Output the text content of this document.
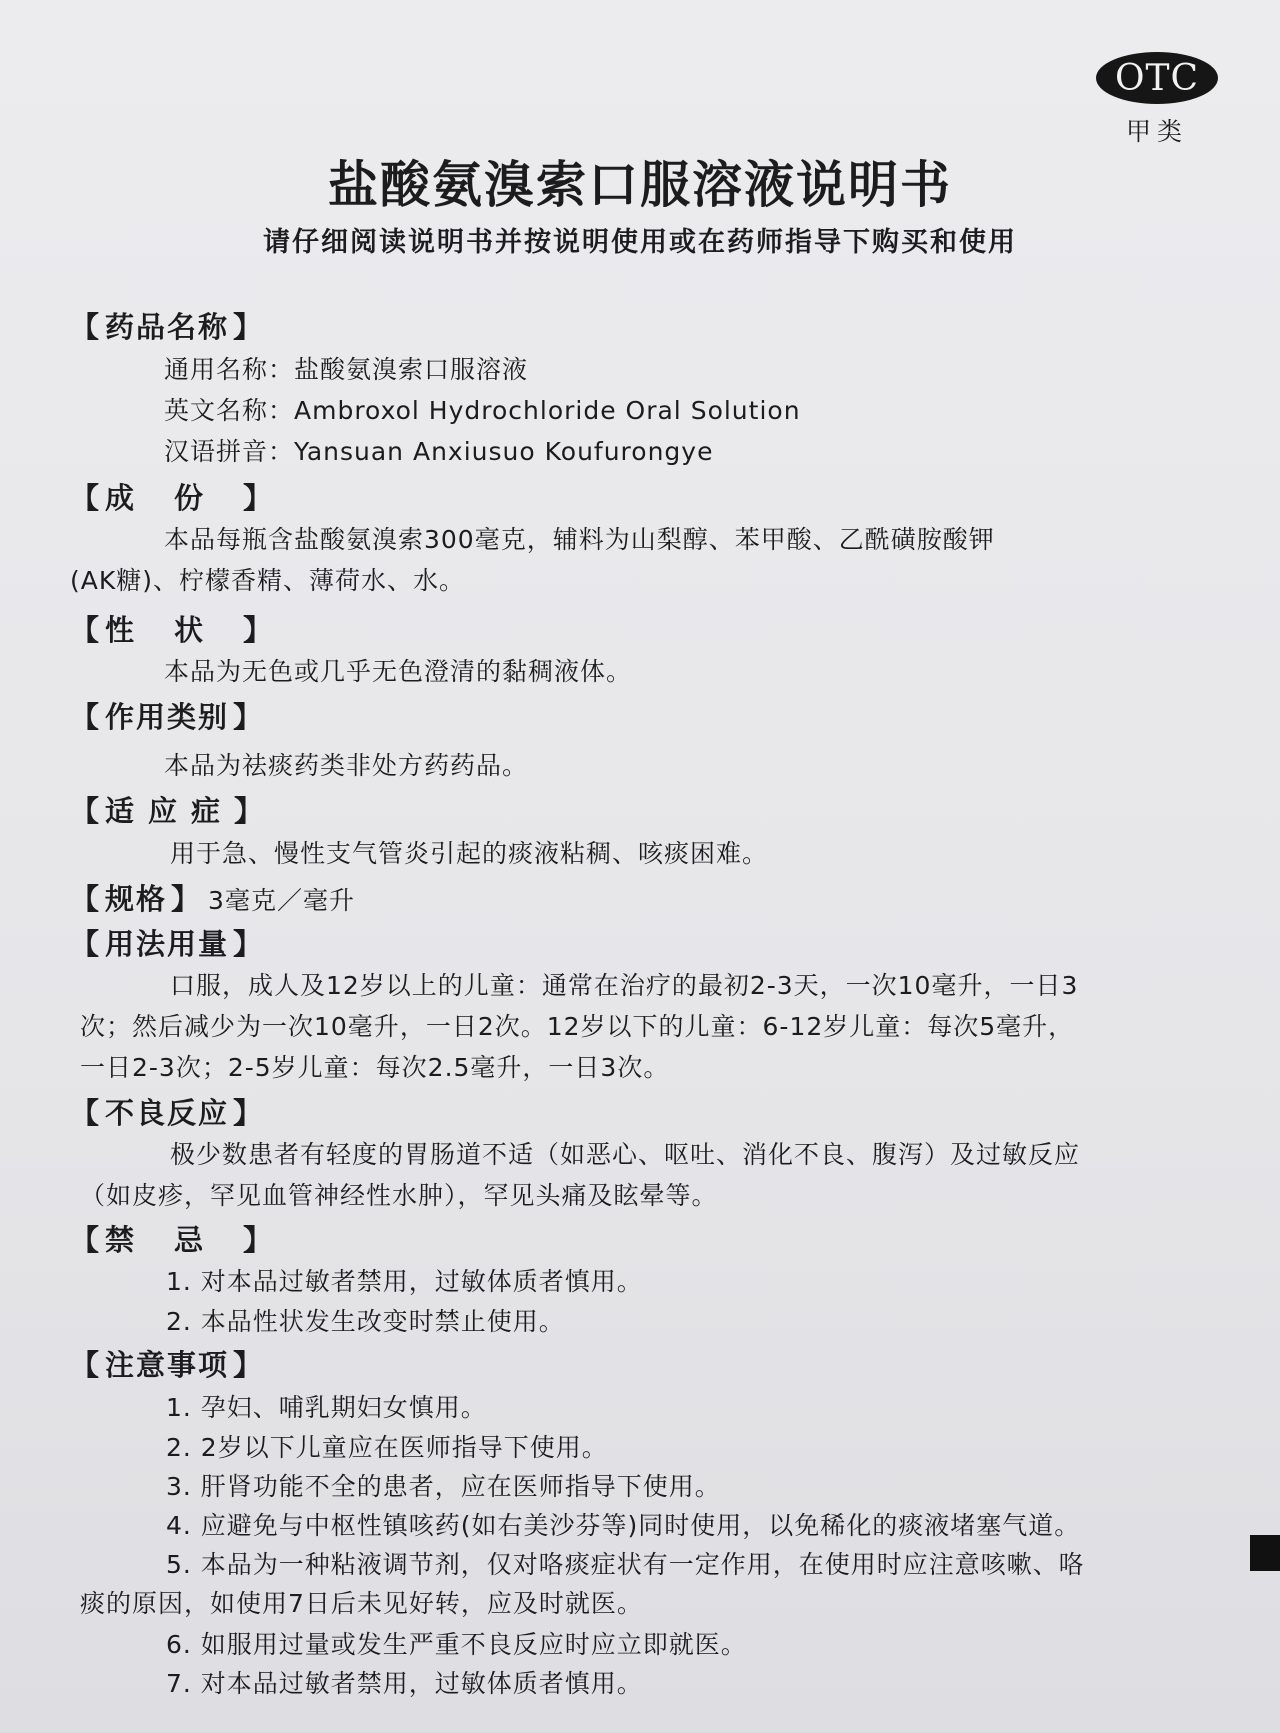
OTC
甲类
盐酸氨溴索口服溶液说明书
请仔细阅读说明书并按说明使用或在药师指导下购买和使用
【 药品名称 】
通用名称：盐酸氨溴索口服溶液
英文名称：Ambroxol Hydrochloride Oral Solution
汉语拼音：Yansuan Anxiusuo Koufurongye
【 成份】
本品每瓶含盐酸氨溴索300毫克，辅料为山梨醇、苯甲酸、乙酰磺胺酸钾
(AK糖)、柠檬香精、薄荷水、水。
【 性状】
本品为无色或几乎无色澄清的黏稠液体。
【 作用类别 】
本品为祛痰药类非处方药药品。
【 适应症】
用于急、慢性支气管炎引起的痰液粘稠、咳痰困难。
【 规格 】 3毫克／毫升
【 用法用量 】
口服，成人及12岁以上的儿童：通常在治疗的最初2-3天，一次10毫升，一日3
次；然后减少为一次10毫升，一日2次。12岁以下的儿童：6-12岁儿童：每次5毫升，
一日2-3次；2-5岁儿童：每次2.5毫升，一日3次。
【 不良反应 】
极少数患者有轻度的胃肠道不适（如恶心、呕吐、消化不良、腹泻）及过敏反应
（如皮疹，罕见血管神经性水肿），罕见头痛及眩晕等。
【 禁忌】
1. 对本品过敏者禁用，过敏体质者慎用。
2. 本品性状发生改变时禁止使用。
【 注意事项 】
1. 孕妇、哺乳期妇女慎用。
2. 2岁以下儿童应在医师指导下使用。
3. 肝肾功能不全的患者，应在医师指导下使用。
4. 应避免与中枢性镇咳药(如右美沙芬等)同时使用，以免稀化的痰液堵塞气道。
5. 本品为一种粘液调节剂，仅对咯痰症状有一定作用，在使用时应注意咳嗽、咯
痰的原因，如使用7日后未见好转，应及时就医。
6. 如服用过量或发生严重不良反应时应立即就医。
7. 对本品过敏者禁用，过敏体质者慎用。
